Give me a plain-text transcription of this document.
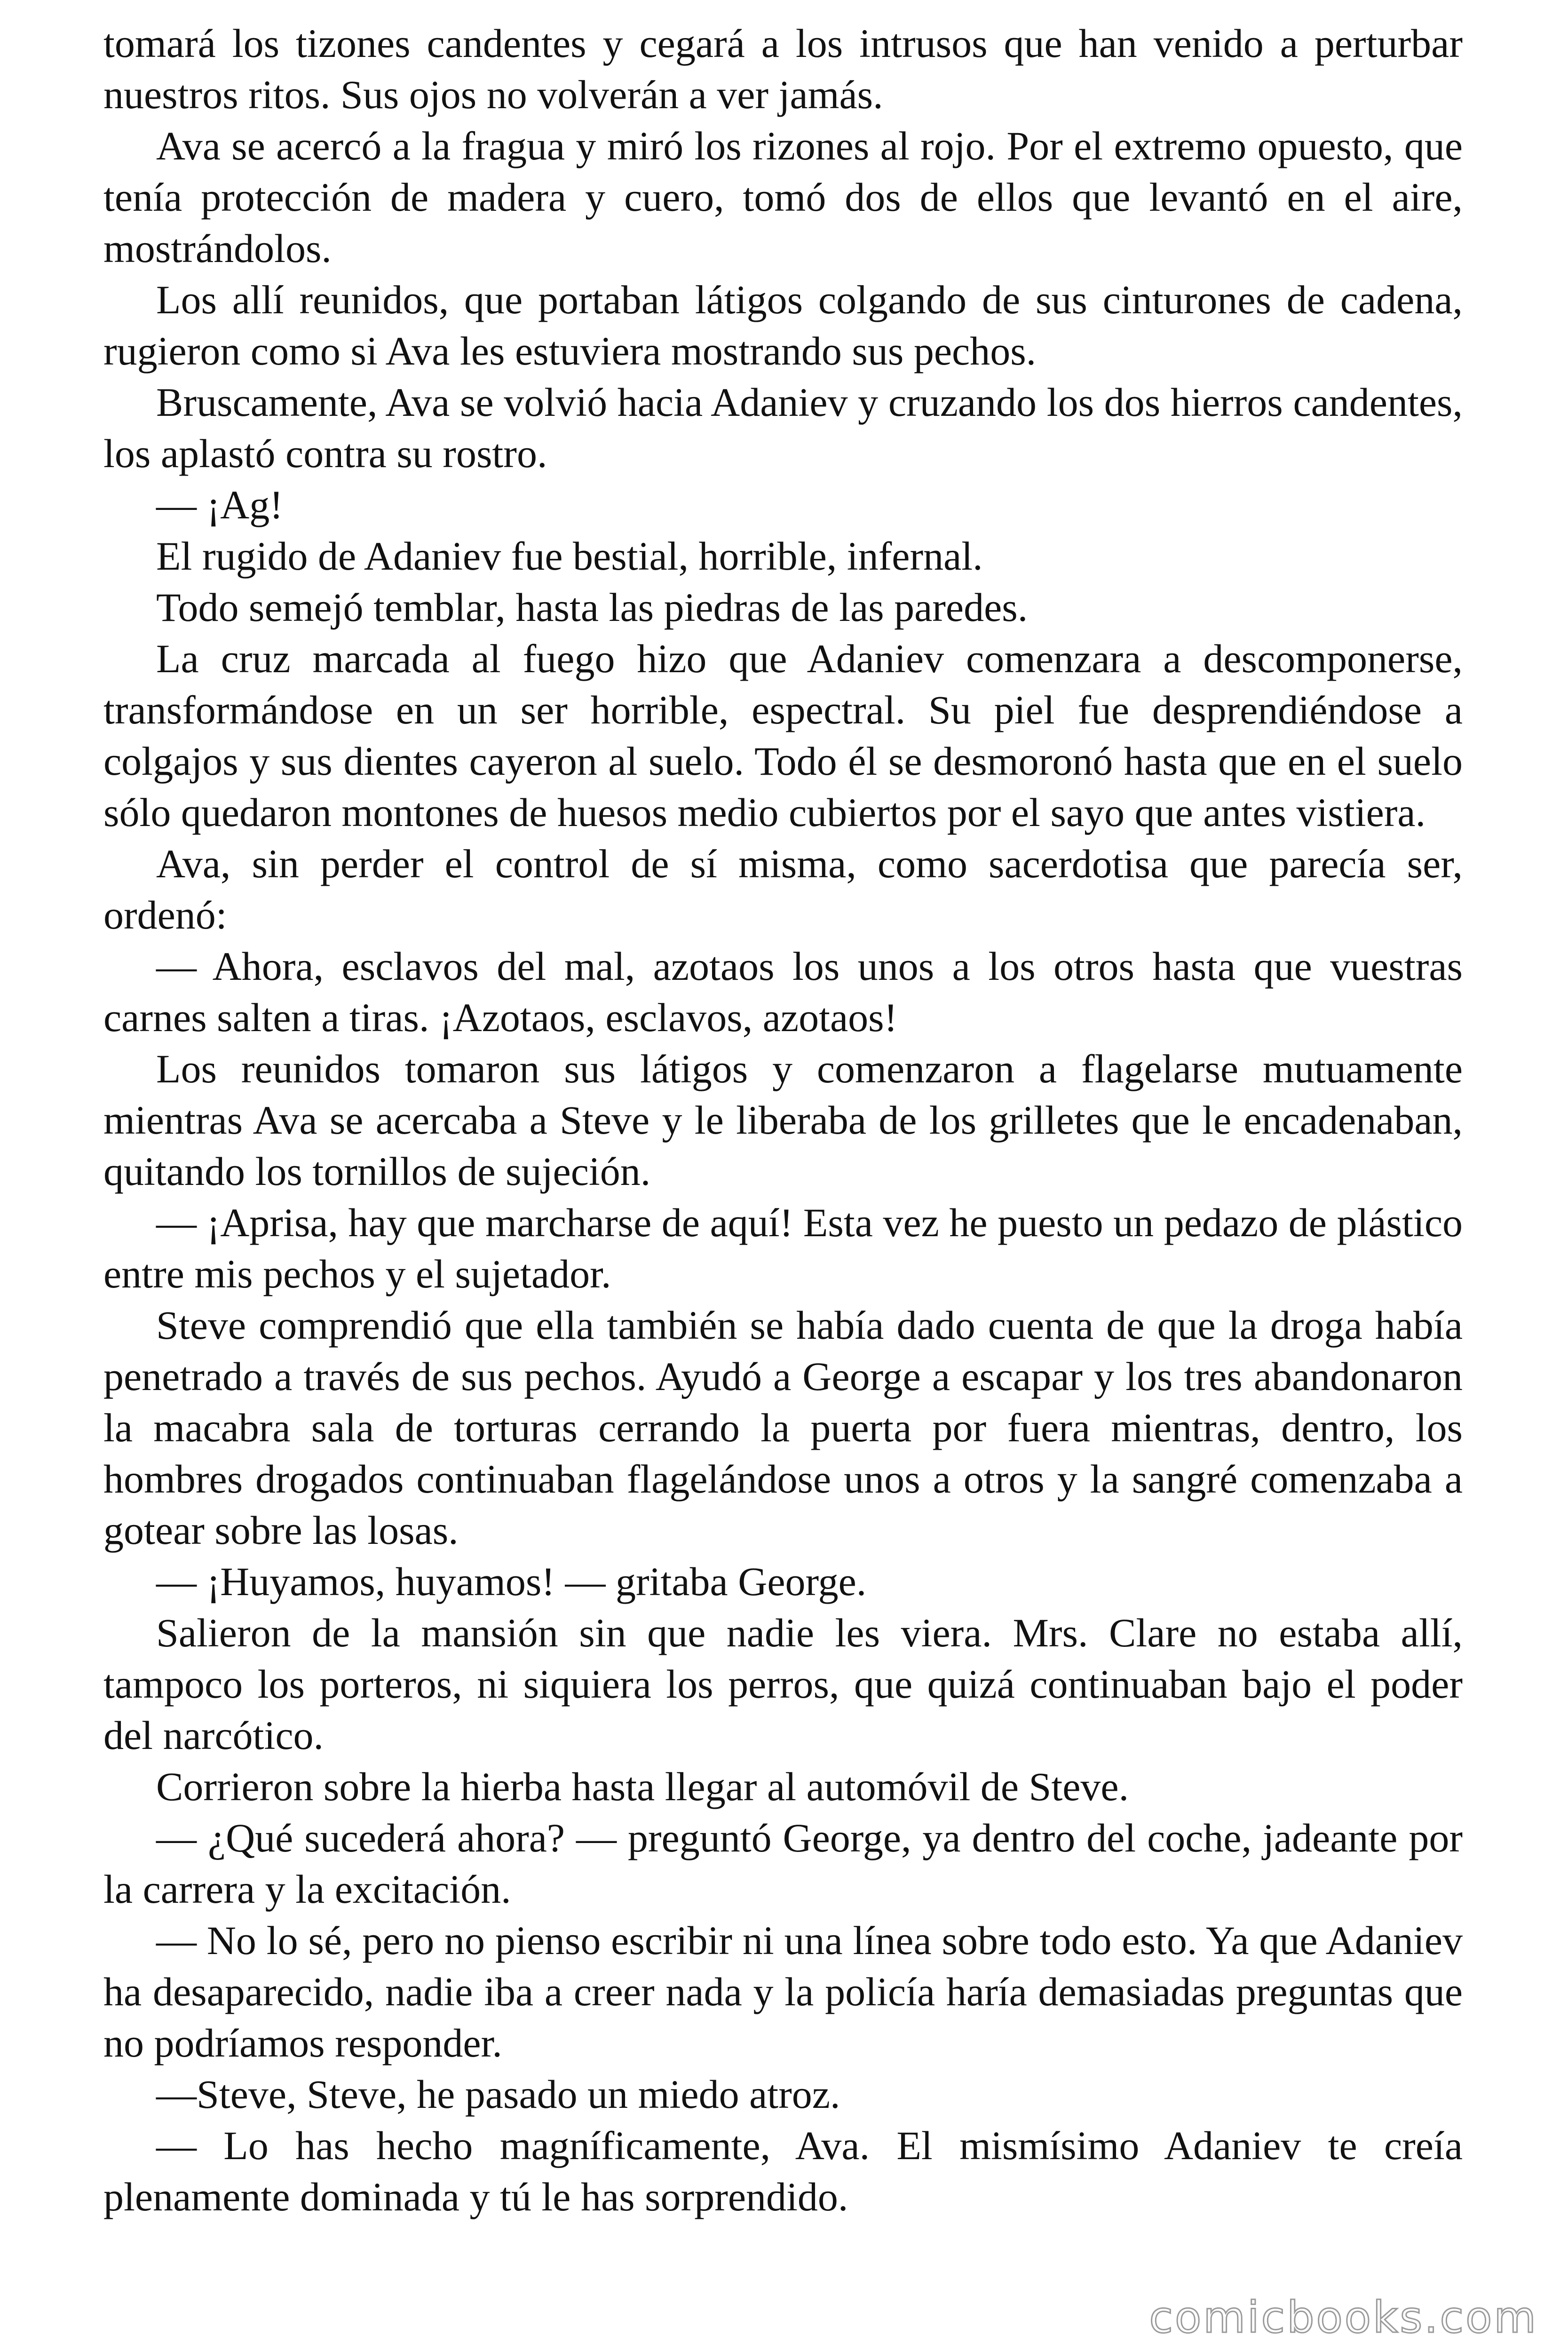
tomará los tizones candentes y cegará a los intrusos que han venido a perturbar nuestros ritos. Sus ojos no volverán a ver jamás.

Ava se acercó a la fragua y miró los rizones al rojo. Por el extremo opuesto, que tenía protección de madera y cuero, tomó dos de ellos que levantó en el aire, mostrándolos.

Los allí reunidos, que portaban látigos colgando de sus cinturones de cadena, rugieron como si Ava les estuviera mostrando sus pechos.

Bruscamente, Ava se volvió hacia Adaniev y cruzando los dos hierros candentes, los aplastó contra su rostro.

— ¡Ag!

El rugido de Adaniev fue bestial, horrible, infernal.

Todo semejó temblar, hasta las piedras de las paredes.

La cruz marcada al fuego hizo que Adaniev comenzara a descomponerse, transformándose en un ser horrible, espectral. Su piel fue desprendiéndose a colgajos y sus dientes cayeron al suelo. Todo él se desmoronó hasta que en el suelo sólo quedaron montones de huesos medio cubiertos por el sayo que antes vistiera.

Ava, sin perder el control de sí misma, como sacerdotisa que parecía ser, ordenó:

— Ahora, esclavos del mal, azotaos los unos a los otros hasta que vuestras carnes salten a tiras. ¡Azotaos, esclavos, azotaos!

Los reunidos tomaron sus látigos y comenzaron a flagelarse mutuamente mientras Ava se acercaba a Steve y le liberaba de los grilletes que le encadenaban, quitando los tornillos de sujeción.

— ¡Aprisa, hay que marcharse de aquí! Esta vez he puesto un pedazo de plástico entre mis pechos y el sujetador.

Steve comprendió que ella también se había dado cuenta de que la droga había penetrado a través de sus pechos. Ayudó a George a escapar y los tres abandonaron la macabra sala de torturas cerrando la puerta por fuera mientras, dentro, los hombres drogados continuaban flagelándose unos a otros y la sangré comenzaba a gotear sobre las losas.

— ¡Huyamos, huyamos! — gritaba George.

Salieron de la mansión sin que nadie les viera. Mrs. Clare no estaba allí, tampoco los porteros, ni siquiera los perros, que quizá continuaban bajo el poder del narcótico.

Corrieron sobre la hierba hasta llegar al automóvil de Steve.

— ¿Qué sucederá ahora? — preguntó George, ya dentro del coche, jadeante por la carrera y la excitación.

— No lo sé, pero no pienso escribir ni una línea sobre todo esto. Ya que Adaniev ha desaparecido, nadie iba a creer nada y la policía haría demasiadas preguntas que no podríamos responder.

—Steve, Steve, he pasado un miedo atroz.

— Lo has hecho magníficamente, Ava. El mismísimo Adaniev te creía plenamente dominada y tú le has sorprendido.

comicbooks.com
